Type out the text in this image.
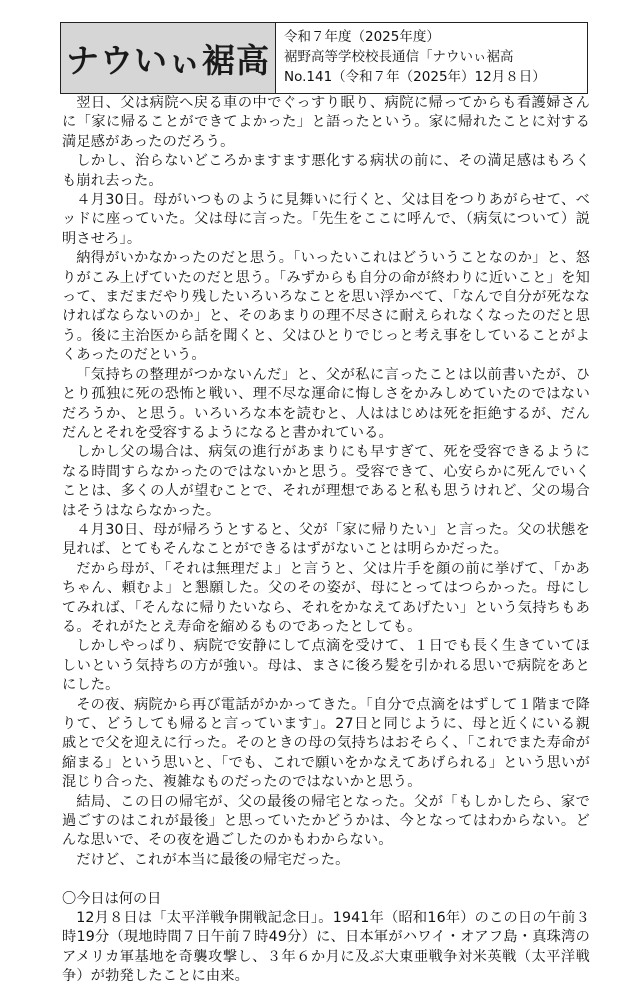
ナウいぃ裾高
令和７年度（2025年度）
裾野高等学校校長通信「ナウいぃ裾高
No.141（令和７年（2025年）12月８日）

翌日、父は病院へ戻る車の中でぐっすり眠り、病院に帰ってからも看護婦さんに「家に帰ることができてよかった」と語ったという。家に帰れたことに対する満足感があったのだろう。

しかし、治らないどころかますます悪化する病状の前に、その満足感はもろくも崩れ去った。

４月30日。母がいつものように見舞いに行くと、父は目をつりあがらせて、ベッドに座っていた。父は母に言った。「先生をここに呼んで、（病気について）説明させろ」。

納得がいかなかったのだと思う。「いったいこれはどういうことなのか」と、怒りがこみ上げていたのだと思う。「みずからも自分の命が終わりに近いこと」を知って、まだまだやり残したいろいろなことを思い浮かべて、「なんで自分が死ななければならないのか」と、そのあまりの理不尽さに耐えられなくなったのだと思う。後に主治医から話を聞くと、父はひとりでじっと考え事をしていることがよくあったのだという。

「気持ちの整理がつかないんだ」と、父が私に言ったことは以前書いたが、ひとり孤独に死の恐怖と戦い、理不尽な運命に悔しさをかみしめていたのではないだろうか、と思う。いろいろな本を読むと、人ははじめは死を拒絶するが、だんだんとそれを受容するようになると書かれている。

しかし父の場合は、病気の進行があまりにも早すぎて、死を受容できるようになる時間すらなかったのではないかと思う。受容できて、心安らかに死んでいくことは、多くの人が望むことで、それが理想であると私も思うけれど、父の場合はそうはならなかった。

４月30日、母が帰ろうとすると、父が「家に帰りたい」と言った。父の状態を見れば、とてもそんなことができるはずがないことは明らかだった。

だから母が、「それは無理だよ」と言うと、父は片手を顔の前に挙げて、「かあちゃん、頼むよ」と懇願した。父のその姿が、母にとってはつらかった。母にしてみれば、「そんなに帰りたいなら、それをかなえてあげたい」という気持ちもある。それがたとえ寿命を縮めるものであったとしても。

しかしやっぱり、病院で安静にして点滴を受けて、１日でも長く生きていてほしいという気持ちの方が強い。母は、まさに後ろ髪を引かれる思いで病院をあとにした。

その夜、病院から再び電話がかかってきた。「自分で点滴をはずして１階まで降りて、どうしても帰ると言っています」。27日と同じように、母と近くにいる親戚とで父を迎えに行った。そのときの母の気持ちはおそらく、「これでまた寿命が縮まる」という思いと、「でも、これで願いをかなえてあげられる」という思いが混じり合った、複雑なものだったのではないかと思う。

結局、この日の帰宅が、父の最後の帰宅となった。父が「もしかしたら、家で過ごすのはこれが最後」と思っていたかどうかは、今となってはわからない。どんな思いで、その夜を過ごしたのかもわからない。

だけど、これが本当に最後の帰宅だった。

〇今日は何の日

12月８日は「太平洋戦争開戦記念日」。1941年（昭和16年）のこの日の午前３時19分（現地時間７日午前７時49分）に、日本軍がハワイ・オアフ島・真珠湾のアメリカ軍基地を奇襲攻撃し、３年６か月に及ぶ大東亜戦争対米英戦（太平洋戦争）が勃発したことに由来。
